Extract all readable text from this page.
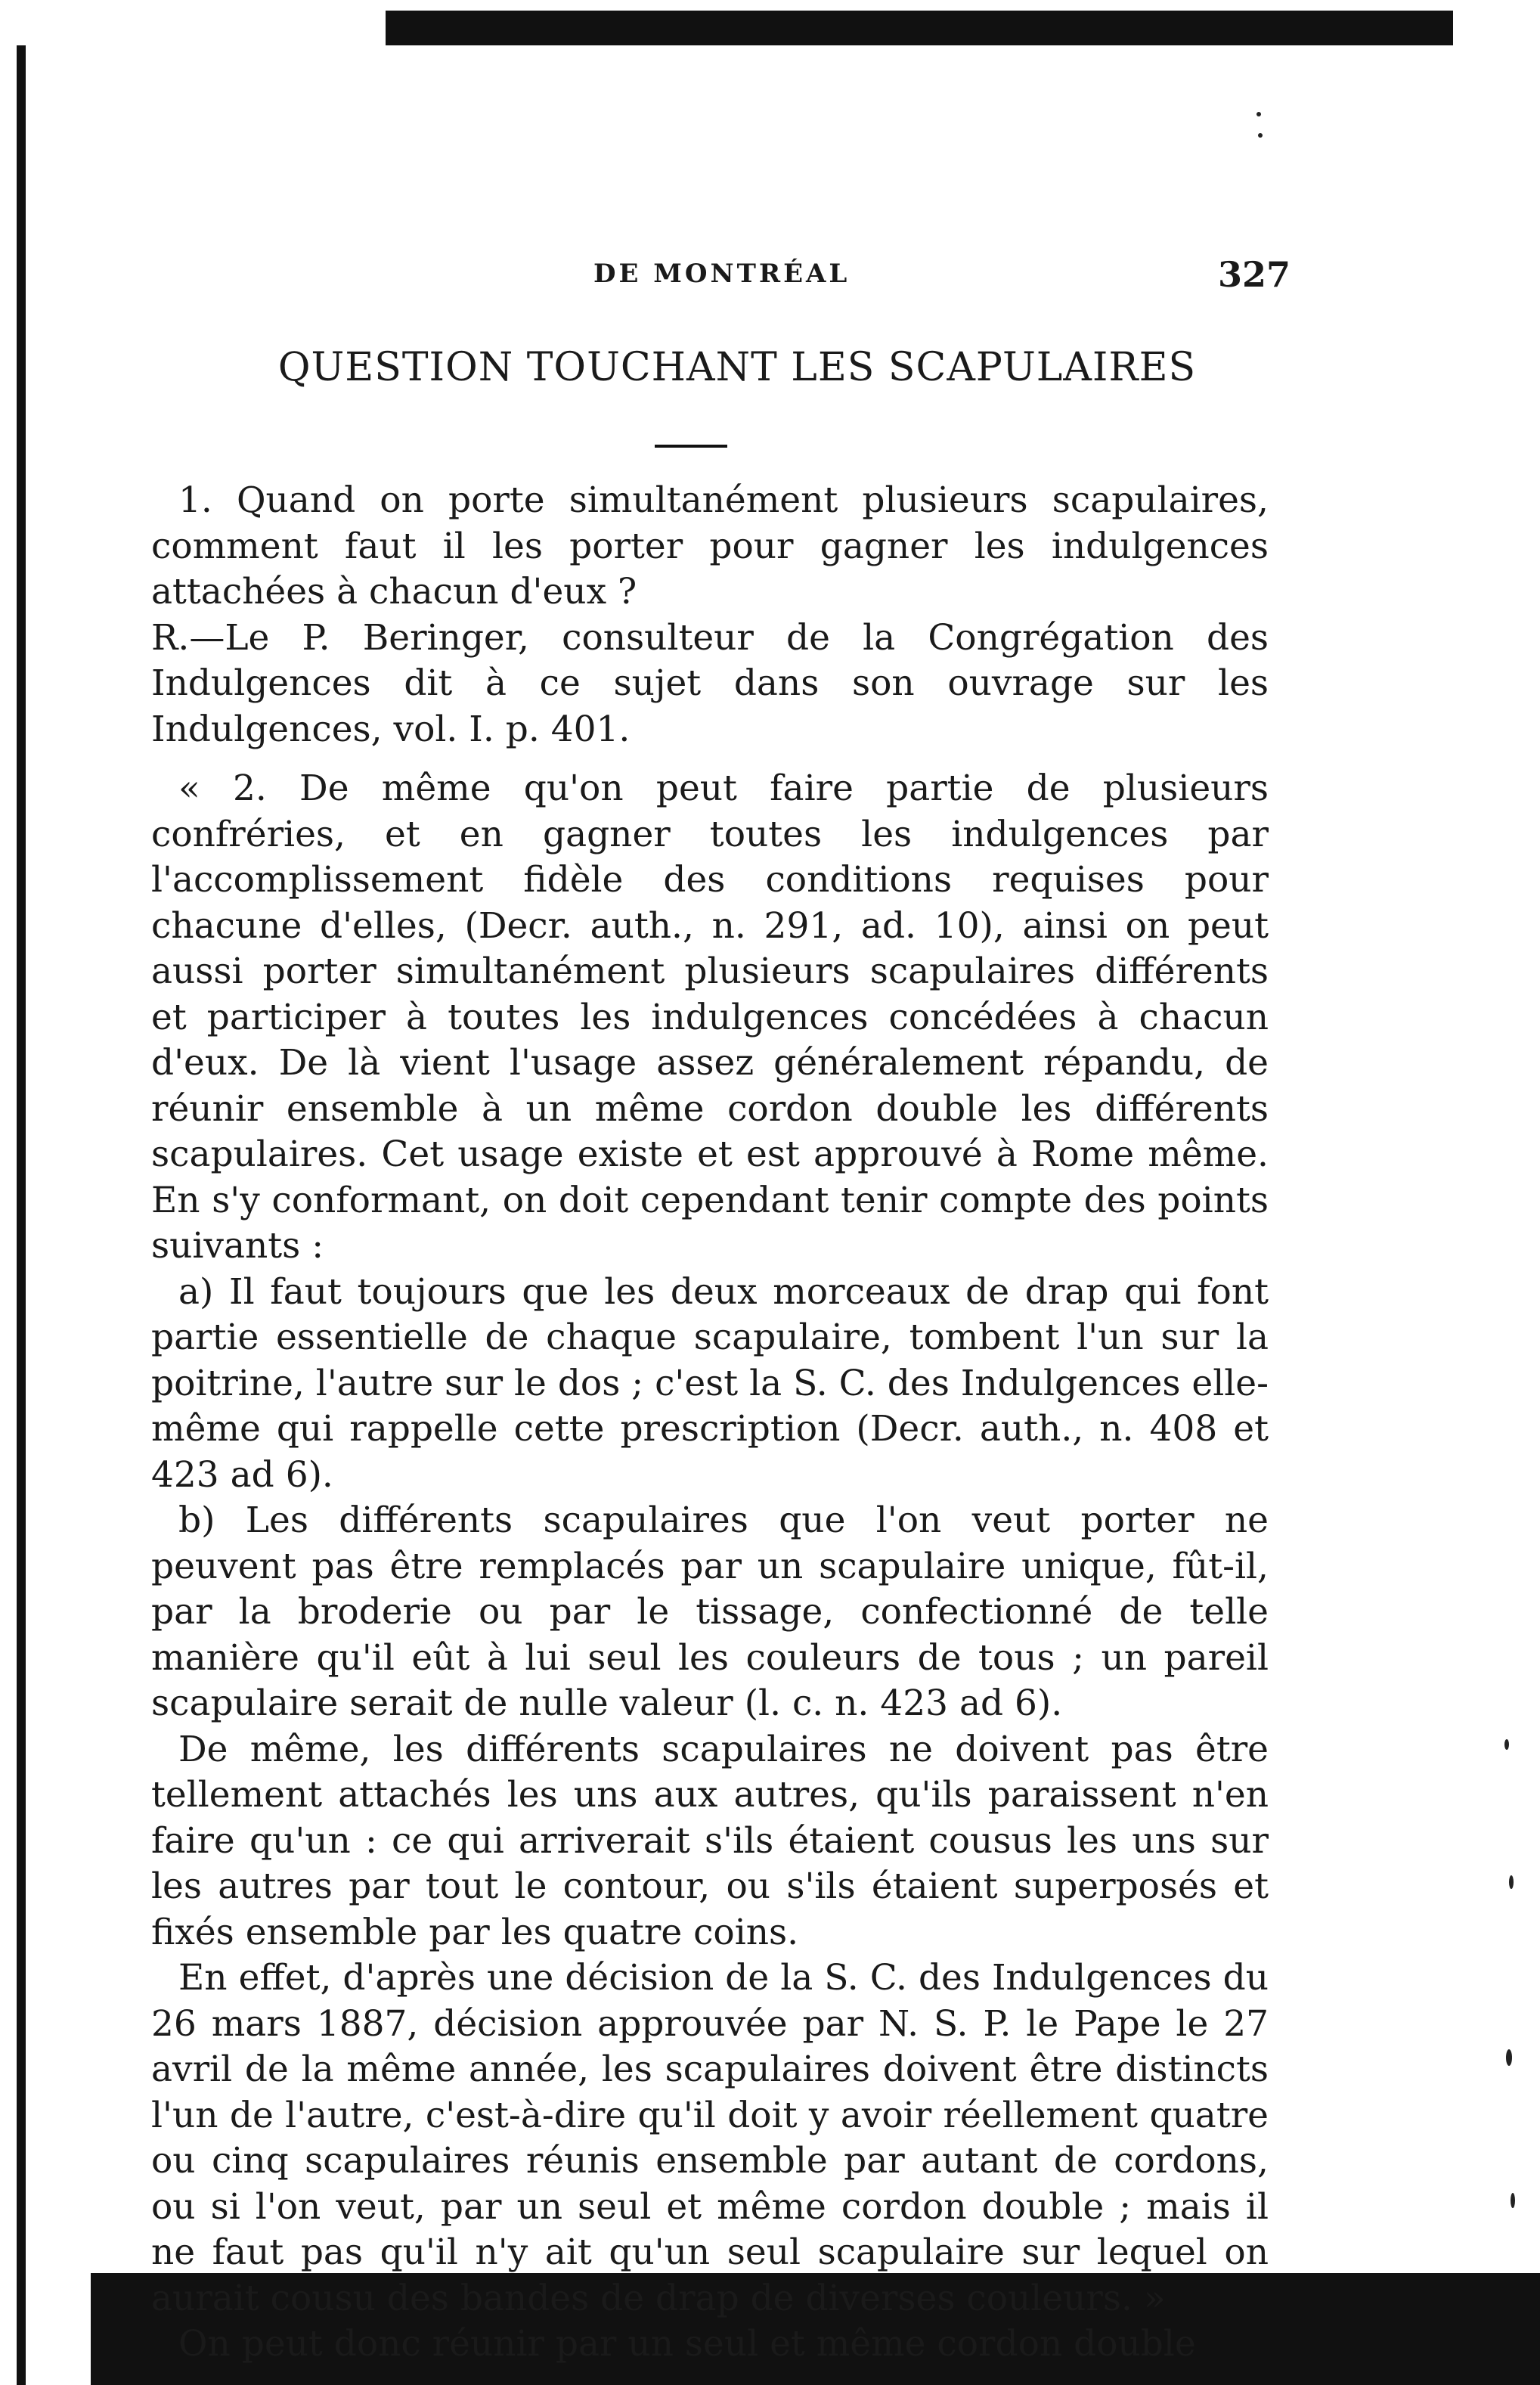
DE MONTRÉAL	327
QUESTION TOUCHANT LES SCAPULAIRES

1. Quand on porte simultanément plusieurs scapulaires, comment faut il les porter pour gagner les indulgences attachées à chacun d'eux ?

R.—Le P. Beringer, consulteur de la Congrégation des Indulgences dit à ce sujet dans son ouvrage sur les Indulgences, vol. I. p. 401.

« 2. De même qu'on peut faire partie de plusieurs confréries, et en gagner toutes les indulgences par l'accomplissement fidèle des conditions requises pour chacune d'elles, (Decr. auth., n. 291, ad. 10), ainsi on peut aussi porter simultanément plusieurs scapulaires différents et participer à toutes les indulgences concédées à chacun d'eux. De là vient l'usage assez généralement répandu, de réunir ensemble à un même cordon double les différents scapulaires. Cet usage existe et est approuvé à Rome même. En s'y conformant, on doit cependant tenir compte des points suivants :

a) Il faut toujours que les deux morceaux de drap qui font partie essentielle de chaque scapulaire, tombent l'un sur la poitrine, l'autre sur le dos ; c'est la S. C. des Indulgences elle-même qui rappelle cette prescription (Decr. auth., n. 408 et 423 ad 6).

b) Les différents scapulaires que l'on veut porter ne peuvent pas être remplacés par un scapulaire unique, fût-il, par la broderie ou par le tissage, confectionné de telle manière qu'il eût à lui seul les couleurs de tous ; un pareil scapulaire serait de nulle valeur (l. c. n. 423 ad 6).

De même, les différents scapulaires ne doivent pas être tellement attachés les uns aux autres, qu'ils paraissent n'en faire qu'un : ce qui arriverait s'ils étaient cousus les uns sur les autres par tout le contour, ou s'ils étaient superposés et fixés ensemble par les quatre coins.

En effet, d'après une décision de la S. C. des Indulgences du 26 mars 1887, décision approuvée par N. S. P. le Pape le 27 avril de la même année, les scapulaires doivent être distincts l'un de l'autre, c'est-à-dire qu'il doit y avoir réellement quatre ou cinq scapulaires réunis ensemble par autant de cordons, ou si l'on veut, par un seul et même cordon double ; mais il ne faut pas qu'il n'y ait qu'un seul scapulaire sur lequel on aurait cousu des bandes de drap de diverses couleurs. »

On peut donc réunir par un seul et même cordon double
